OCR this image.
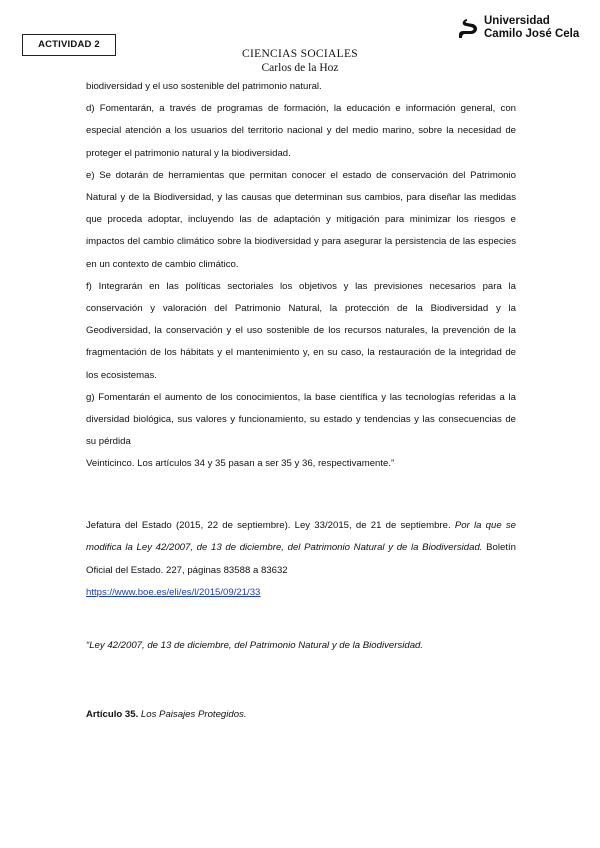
ACTIVIDAD 2
Universidad
Camilo José Cela
CIENCIAS SOCIALES
Carlos de la Hoz

biodiversidad y el uso sostenible del patrimonio natural.

d) Fomentarán, a través de programas de formación, la educación e información general, con especial atención a los usuarios del territorio nacional y del medio marino, sobre la necesidad de proteger el patrimonio natural y la biodiversidad.

e) Se dotarán de herramientas que permitan conocer el estado de conservación del Patrimonio Natural y de la Biodiversidad, y las causas que determinan sus cambios, para diseñar las medidas que proceda adoptar, incluyendo las de adaptación y mitigación para minimizar los riesgos e impactos del cambio climático sobre la biodiversidad y para asegurar la persistencia de las especies en un contexto de cambio climático.

f) Integrarán en las políticas sectoriales los objetivos y las previsiones necesarios para la conservación y valoración del Patrimonio Natural, la protección de la Biodiversidad y la Geodiversidad, la conservación y el uso sostenible de los recursos naturales, la prevención de la fragmentación de los hábitats y el mantenimiento y, en su caso, la restauración de la integridad de los ecosistemas.

g) Fomentarán el aumento de los conocimientos, la base científica y las tecnologías referidas a la diversidad biológica, sus valores y funcionamiento, su estado y tendencias y las consecuencias de su pérdida

Veinticinco. Los artículos 34 y 35 pasan a ser 35 y 36, respectivamente.”

Jefatura del Estado (2015, 22 de septiembre). Ley 33/2015, de 21 de septiembre. Por la que se modifica la Ley 42/2007, de 13 de diciembre, del Patrimonio Natural y de la Biodiversidad. Boletín Oficial del Estado. 227, páginas 83588 a 83632
https://www.boe.es/eli/es/l/2015/09/21/33

“Ley 42/2007, de 13 de diciembre, del Patrimonio Natural y de la Biodiversidad.
Artículo 35. Los Paisajes Protegidos.
